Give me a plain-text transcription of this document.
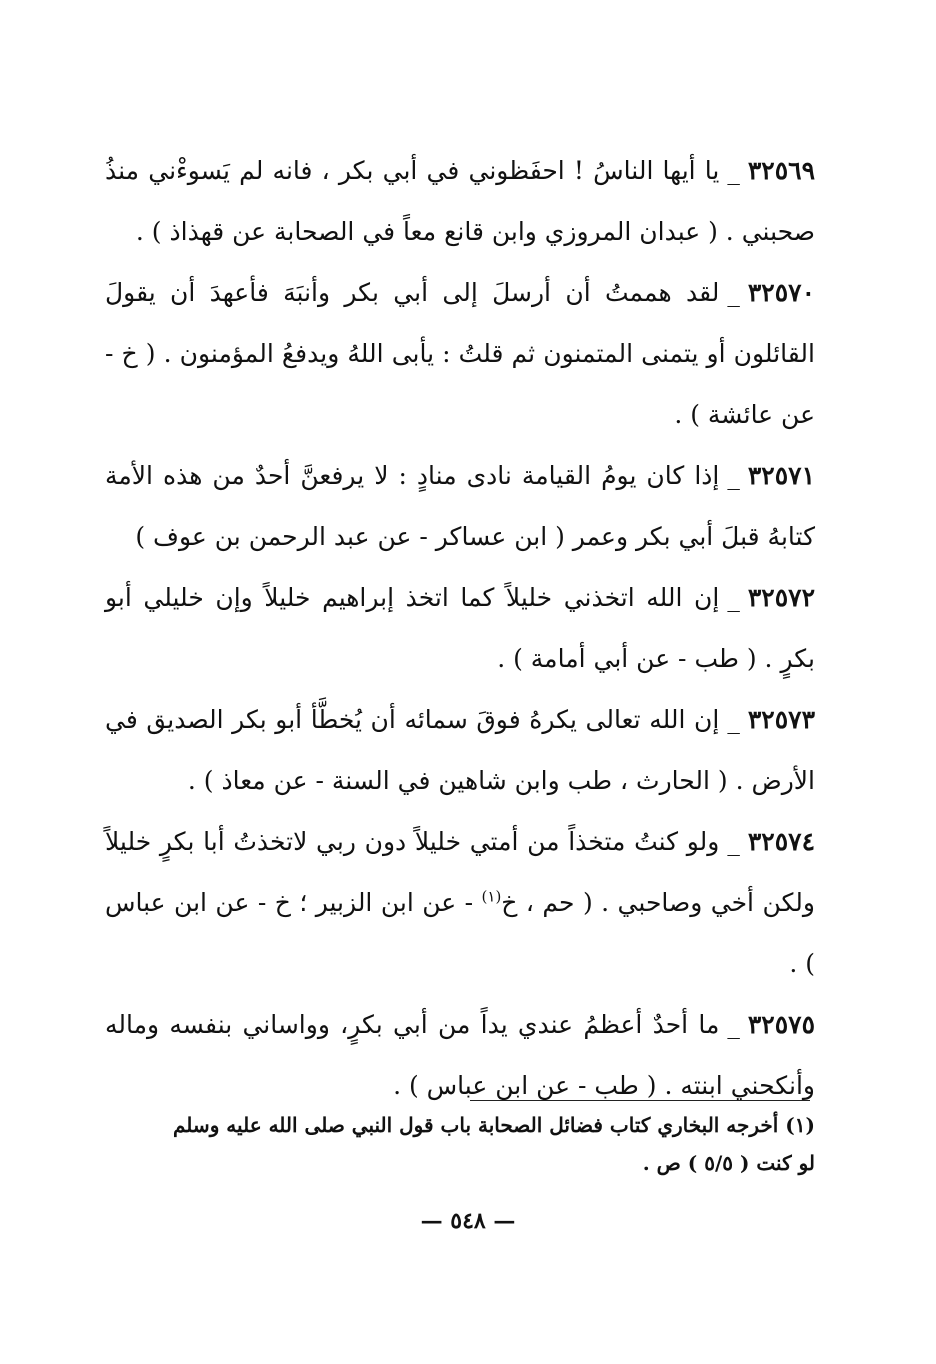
٣٢٥٦٩_يا أيها الناسُ ! احفَظوني في أبي بكر ، فانه لم يَسوءْني منذُ صحبني . ( عبدان المروزي وابن قانع معاً في الصحابة عن قهذاذ ) .

٣٢٥٧٠_لقد هممتُ أن أرسلَ إلى أبي بكر وأنبَهَ فأعهدَ أن يقولَ القائلون أو يتمنى المتمنون ثم قلتُ : يأبى اللهُ ويدفعُ المؤمنون . ( خ - عن عائشة ) .

٣٢٥٧١_إذا كان يومُ القيامة نادى منادٍ : لا يرفعنَّ أحدٌ من هذه الأمة كتابهُ قبلَ أبي بكر وعمر ( ابن عساكر - عن عبد الرحمن بن عوف )

٣٢٥٧٢_إن الله اتخذني خليلاً كما اتخذ إبراهيم خليلاً وإن خليلي أبو بكرٍ . ( طب - عن أبي أمامة ) .

٣٢٥٧٣_إن الله تعالى يكرهُ فوقَ سمائه أن يُخطَّأ أبو بكر الصديق في الأرض . ( الحارث ، طب وابن شاهين في السنة - عن معاذ ) .

٣٢٥٧٤_ولو كنتُ متخذاً من أمتي خليلاً دون ربي لاتخذتُ أبا بكرٍ خليلاً ولكن أخي وصاحبي . ( حم ، خ$^{(١)}$ - عن ابن الزبير ؛ خ - عن ابن عباس ) .

٣٢٥٧٥_ما أحدٌ أعظمُ عندي يداً من أبي بكرٍ، وواساني بنفسه وماله وأنكحني ابنته . ( طب - عن ابن عباس ) .

(١) أخرجه البخاري كتاب فضائل الصحابة باب قول النبي صلى الله عليه وسلم
لو كنت ( ٥/٥ ) ص .
— ٥٤٨ —
